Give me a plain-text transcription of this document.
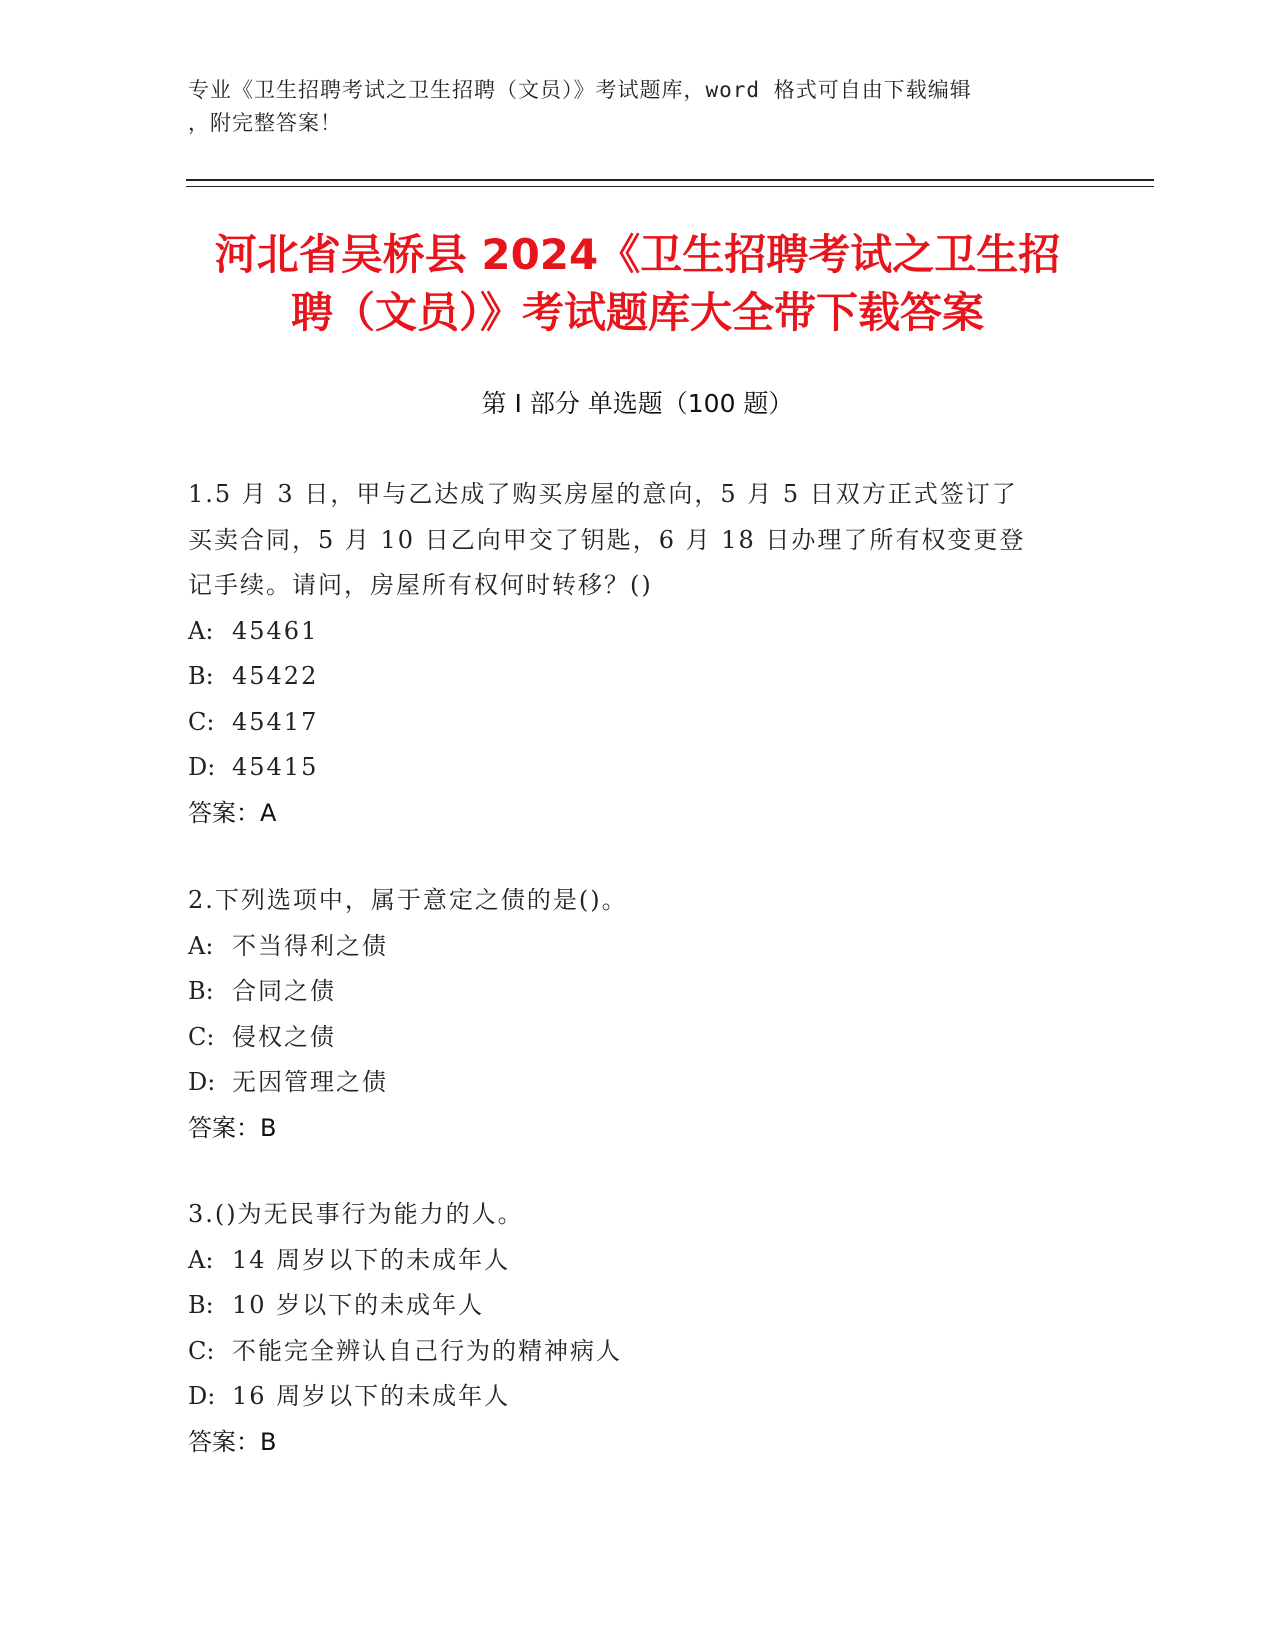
专业《卫生招聘考试之卫生招聘（文员）》考试题库，word 格式可自由下载编辑
，附完整答案！
河北省吴桥县 2024《卫生招聘考试之卫生招
聘（文员）》考试题库大全带下载答案
第 I 部分 单选题（100 题）
1.5 月 3 日，甲与乙达成了购买房屋的意向，5 月 5 日双方正式签订了
买卖合同，5 月 10 日乙向甲交了钥匙，6 月 18 日办理了所有权变更登
记手续。请问，房屋所有权何时转移？()
A: 45461
B: 45422
C: 45417
D: 45415
答案：A
2.下列选项中，属于意定之债的是()。
A: 不当得利之债
B: 合同之债
C: 侵权之债
D: 无因管理之债
答案：B
3.()为无民事行为能力的人。
A: 14 周岁以下的未成年人
B: 10 岁以下的未成年人
C: 不能完全辨认自己行为的精神病人
D: 16 周岁以下的未成年人
答案：B
